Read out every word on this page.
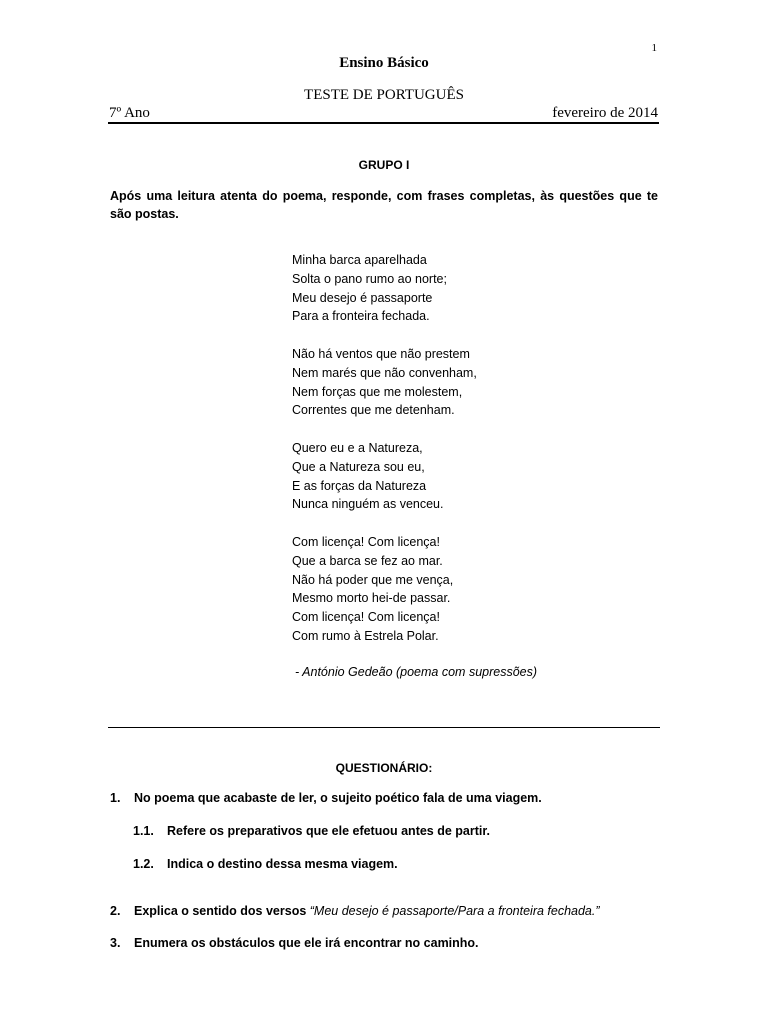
1
Ensino Básico
TESTE DE PORTUGUÊS
7º Ano	fevereiro de 2014
GRUPO I
Após uma leitura atenta do poema, responde, com frases completas, às questões que te são postas.
Minha barca aparelhada
Solta o pano rumo ao norte;
Meu desejo é passaporte
Para a fronteira fechada.
Não há ventos que não prestem
Nem marés que não convenham,
Nem forças que me molestem,
Correntes que me detenham.
Quero eu e a Natureza,
Que a Natureza sou eu,
E as forças da Natureza
Nunca ninguém as venceu.
Com licença! Com licença!
Que a barca se fez ao mar.
Não há poder que me vença,
Mesmo morto hei-de passar.
Com licença! Com licença!
Com rumo à Estrela Polar.
- António Gedeão (poema com supressões)
QUESTIONÁRIO:
1. No poema que acabaste de ler, o sujeito poético fala de uma viagem.
1.1. Refere os preparativos que ele efetuou antes de partir.
1.2. Indica o destino dessa mesma viagem.
2. Explica o sentido dos versos “Meu desejo é passaporte/Para a fronteira fechada.”
3. Enumera os obstáculos que ele irá encontrar no caminho.
